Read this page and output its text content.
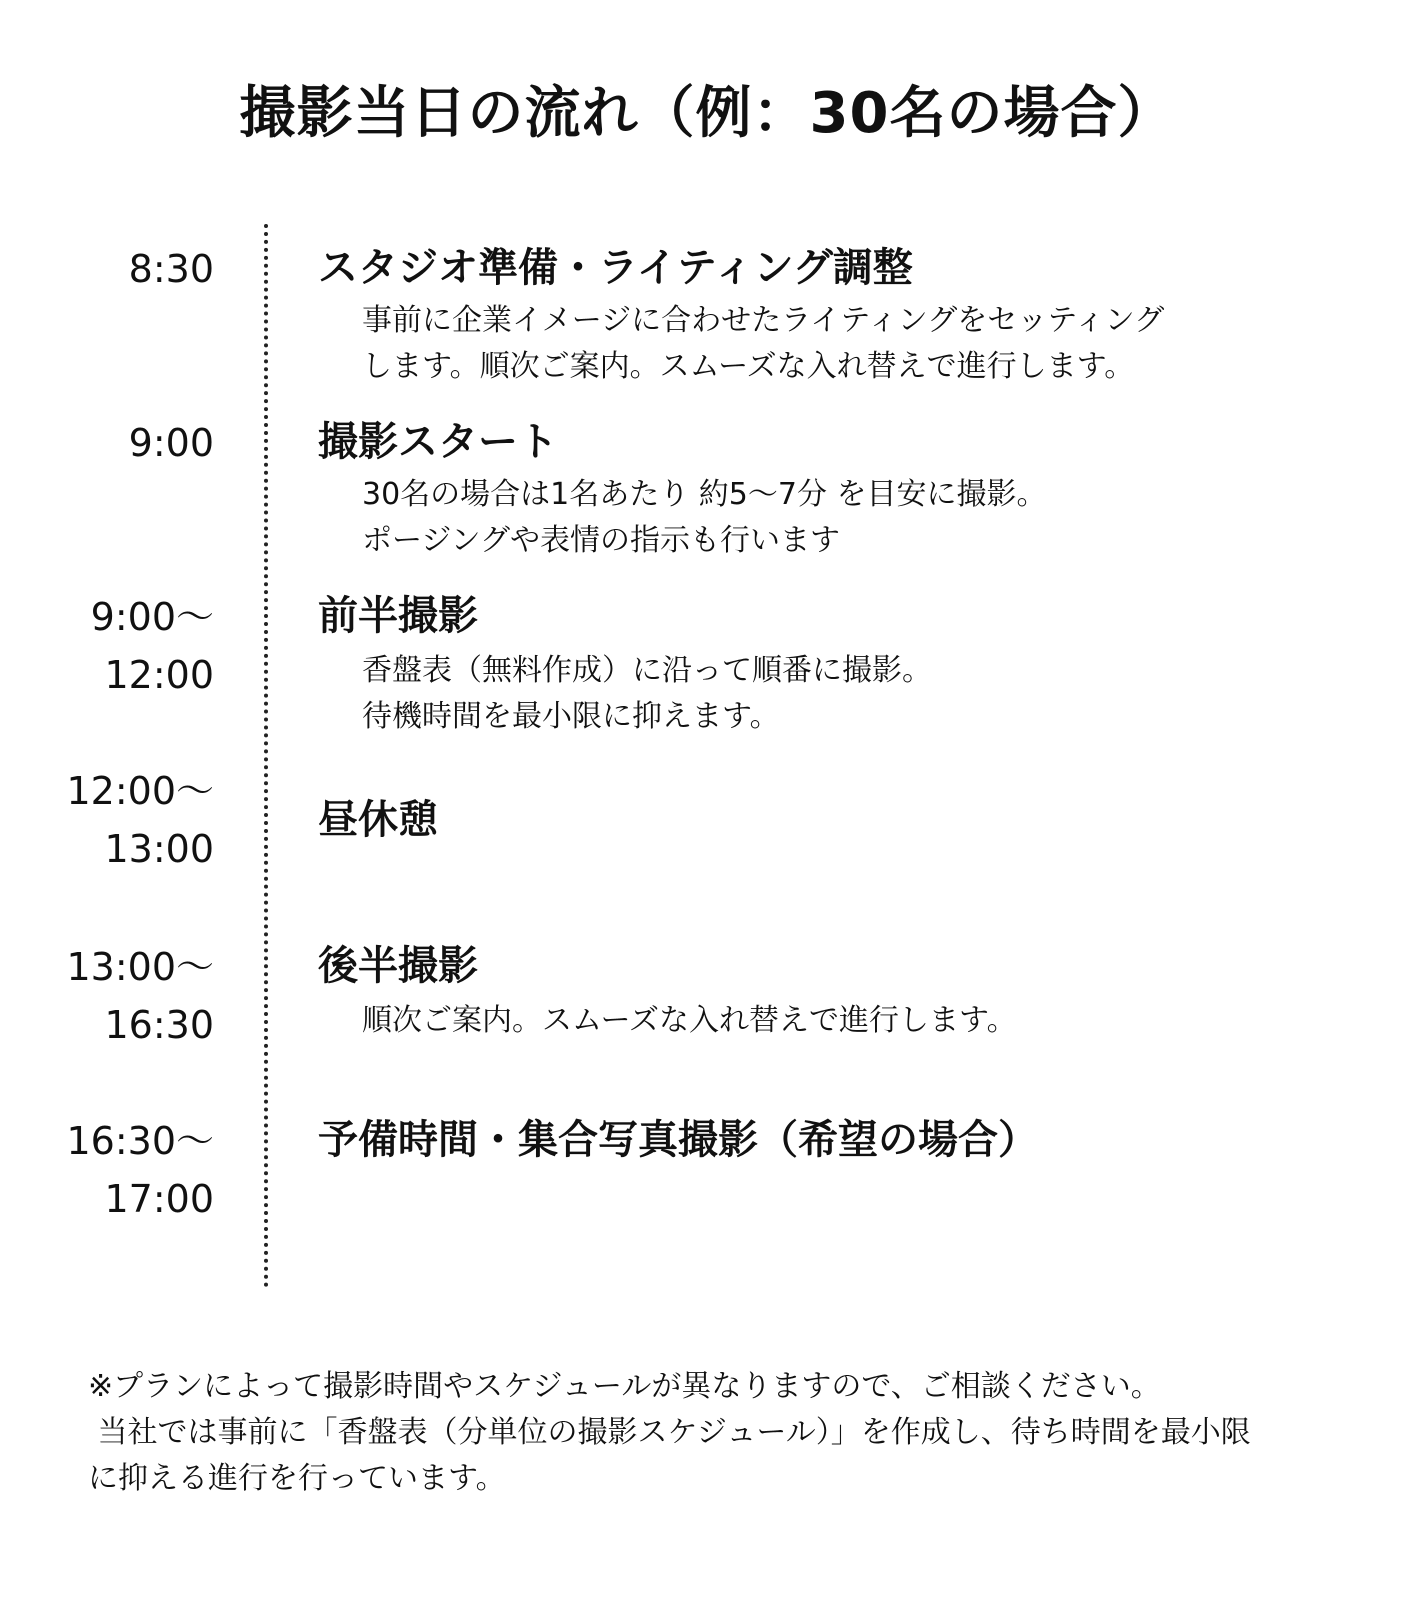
撮影当日の流れ（例：30名の場合）
8:30	スタジオ準備・ライティング調整
事前に企業イメージに合わせたライティングをセッティング
します。順次ご案内。スムーズな入れ替えで進行します。
9:00	撮影スタート
30名の場合は1名あたり 約5〜7分 を目安に撮影。
ポージングや表情の指示も行います
9:00〜
12:00
前半撮影
香盤表（無料作成）に沿って順番に撮影。
待機時間を最小限に抑えます。
12:00〜
13:00
昼休憩
13:00〜
16:30
後半撮影
順次ご案内。スムーズな入れ替えで進行します。
16:30〜
17:00
予備時間・集合写真撮影（希望の場合）
※プランによって撮影時間やスケジュールが異なりますので、ご相談ください。
当社では事前に「香盤表（分単位の撮影スケジュール）」を作成し、待ち時間を最小限
に抑える進行を行っています。
